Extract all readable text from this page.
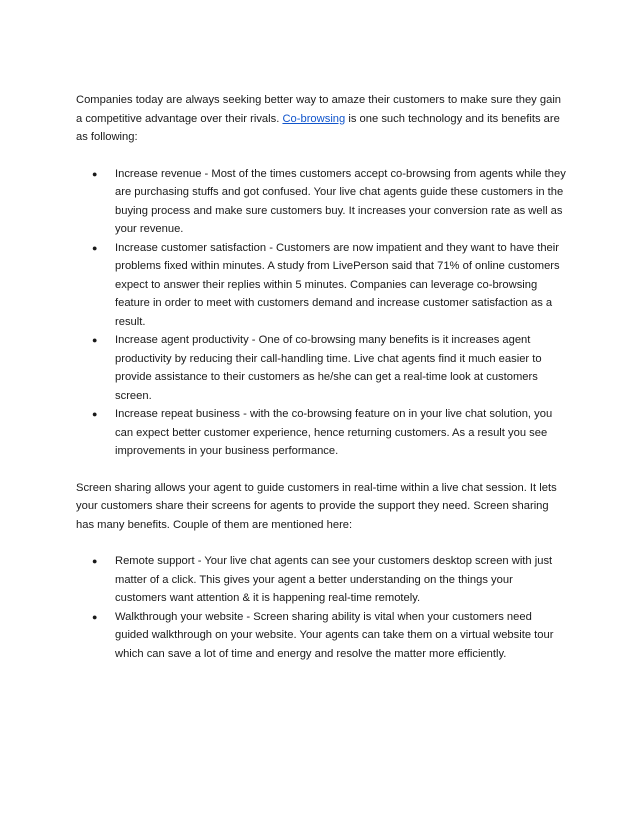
Companies today are always seeking better way to amaze their customers to make sure they gain a competitive advantage over their rivals. Co-browsing is one such technology and its benefits are as following:

● Increase revenue - Most of the times customers accept co-browsing from agents while they are purchasing stuffs and got confused. Your live chat agents guide these customers in the buying process and make sure customers buy. It increases your conversion rate as well as your revenue.
● Increase customer satisfaction - Customers are now impatient and they want to have their problems fixed within minutes. A study from LivePerson said that 71% of online customers expect to answer their replies within 5 minutes. Companies can leverage co-browsing feature in order to meet with customers demand and increase customer satisfaction as a result.
● Increase agent productivity - One of co-browsing many benefits is it increases agent productivity by reducing their call-handling time. Live chat agents find it much easier to provide assistance to their customers as he/she can get a real-time look at customers screen.
● Increase repeat business - with the co-browsing feature on in your live chat solution, you can expect better customer experience, hence returning customers. As a result you see improvements in your business performance.

Screen sharing allows your agent to guide customers in real-time within a live chat session. It lets your customers share their screens for agents to provide the support they need. Screen sharing has many benefits. Couple of them are mentioned here:

● Remote support - Your live chat agents can see your customers desktop screen with just matter of a click. This gives your agent a better understanding on the things your customers want attention & it is happening real-time remotely.
● Walkthrough your website - Screen sharing ability is vital when your customers need guided walkthrough on your website. Your agents can take them on a virtual website tour which can save a lot of time and energy and resolve the matter more efficiently.
